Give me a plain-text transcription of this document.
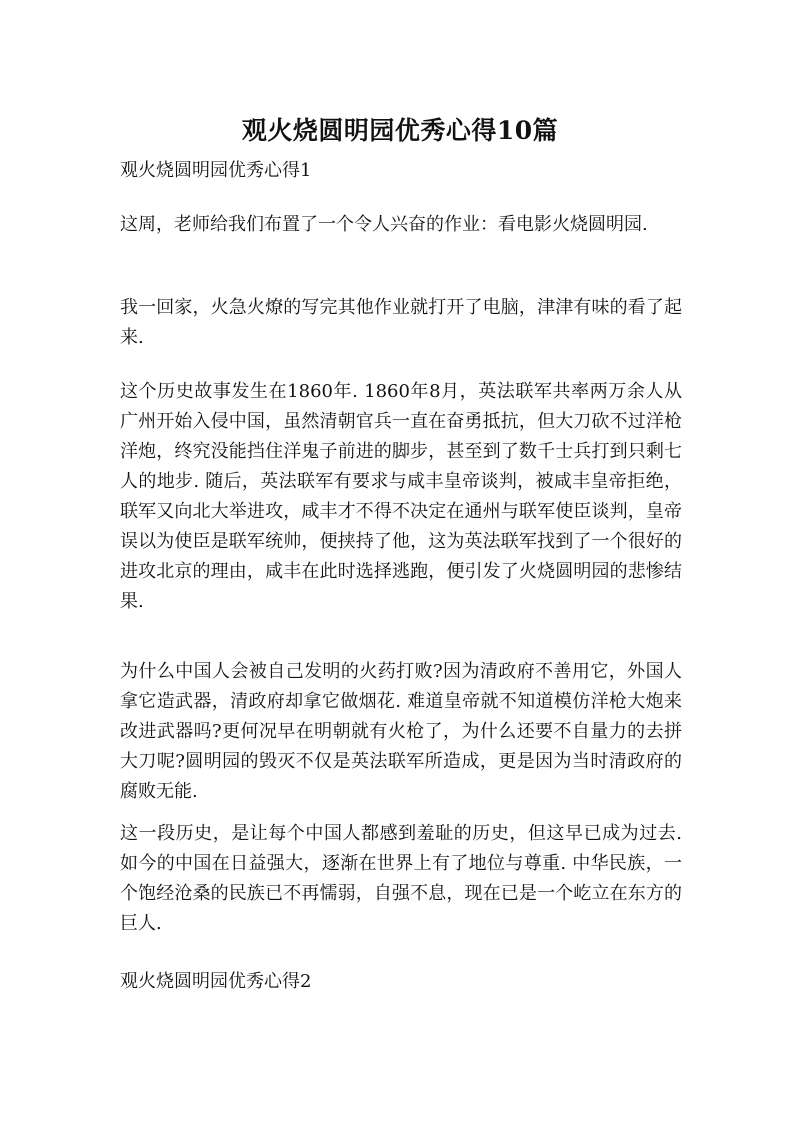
观火烧圆明园优秀心得10篇
观火烧圆明园优秀心得1
这周，老师给我们布置了一个令人兴奋的作业：看电影火烧圆明园.
我一回家，火急火燎的写完其他作业就打开了电脑，津津有味的看了起来.
这个历史故事发生在1860年. 1860年8月，英法联军共率两万余人从广州开始入侵中国，虽然清朝官兵一直在奋勇抵抗，但大刀砍不过洋枪洋炮，终究没能挡住洋鬼子前进的脚步，甚至到了数千士兵打到只剩七人的地步. 随后，英法联军有要求与咸丰皇帝谈判，被咸丰皇帝拒绝，联军又向北大举进攻，咸丰才不得不决定在通州与联军使臣谈判，皇帝误以为使臣是联军统帅，便挟持了他，这为英法联军找到了一个很好的进攻北京的理由，咸丰在此时选择逃跑，便引发了火烧圆明园的悲惨结果.
为什么中国人会被自己发明的火药打败?因为清政府不善用它，外国人拿它造武器，清政府却拿它做烟花. 难道皇帝就不知道模仿洋枪大炮来改进武器吗?更何况早在明朝就有火枪了，为什么还要不自量力的去拼大刀呢?圆明园的毁灭不仅是英法联军所造成，更是因为当时清政府的腐败无能.
这一段历史，是让每个中国人都感到羞耻的历史，但这早已成为过去. 如今的中国在日益强大，逐渐在世界上有了地位与尊重. 中华民族，一个饱经沧桑的民族已不再懦弱，自强不息，现在已是一个屹立在东方的巨人.
观火烧圆明园优秀心得2
